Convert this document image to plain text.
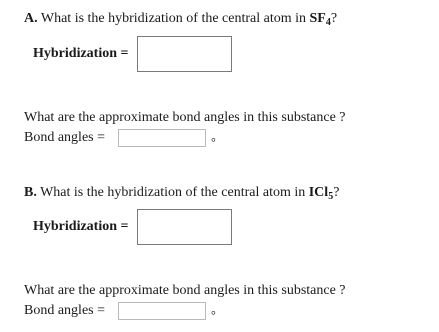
A. What is the hybridization of the central atom in $SF_4$?
Hybridization =
What are the approximate bond angles in this substance ?
Bond angles =	°
B. What is the hybridization of the central atom in ICl$_5$?
Hybridization =
What are the approximate bond angles in this substance ?
Bond angles =	°
